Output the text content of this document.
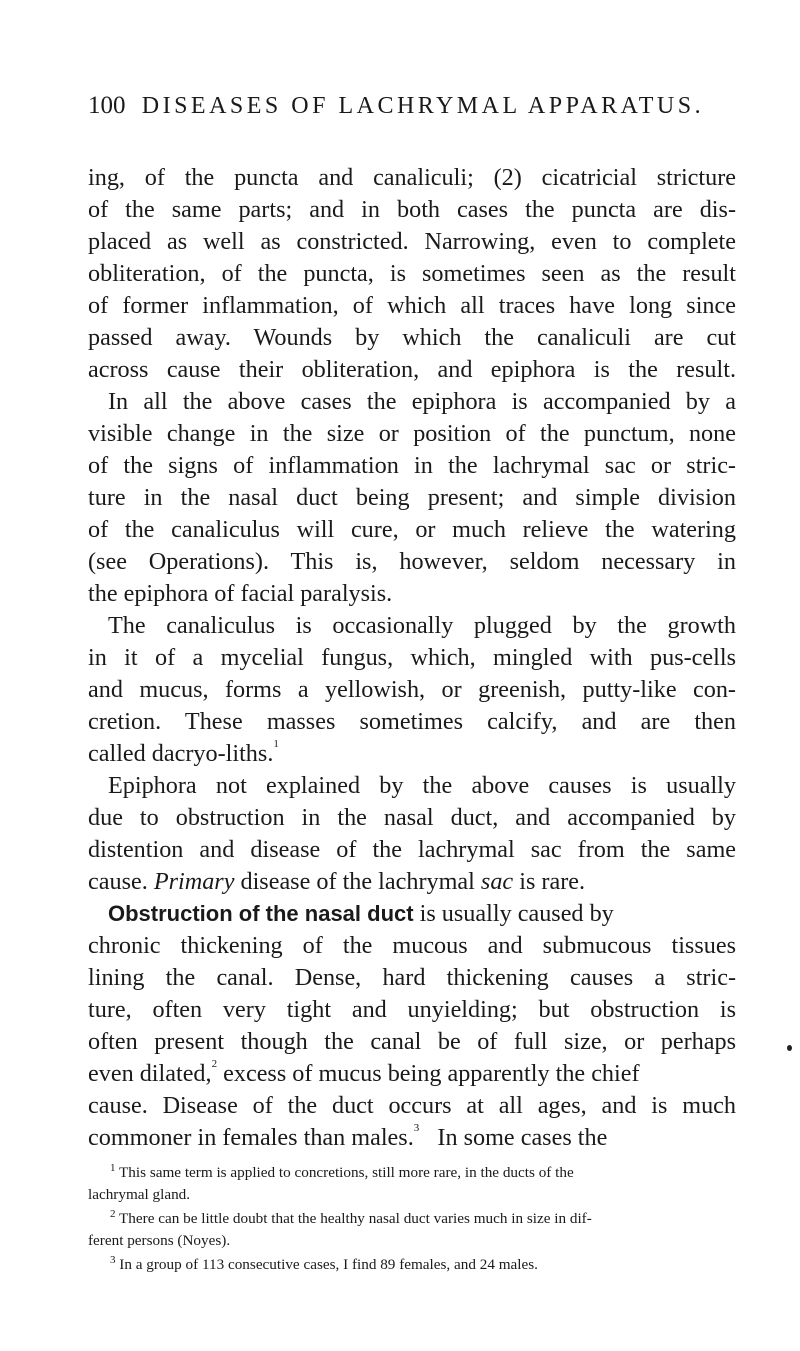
100 DISEASES OF LACHRYMAL APPARATUS.
ing, of the puncta and canaliculi; (2) cicatricial stricture
of the same parts; and in both cases the puncta are dis-
placed as well as constricted. Narrowing, even to complete
obliteration, of the puncta, is sometimes seen as the result
of former inflammation, of which all traces have long since
passed away. Wounds by which the canaliculi are cut
across cause their obliteration, and epiphora is the result.
In all the above cases the epiphora is accompanied by a
visible change in the size or position of the punctum, none
of the signs of inflammation in the lachrymal sac or stric-
ture in the nasal duct being present; and simple division
of the canaliculus will cure, or much relieve the watering
(see Operations). This is, however, seldom necessary in
the epiphora of facial paralysis.
The canaliculus is occasionally plugged by the growth
in it of a mycelial fungus, which, mingled with pus-cells
and mucus, forms a yellowish, or greenish, putty-like con-
cretion. These masses sometimes calcify, and are then
called dacryo-liths.$^1$
Epiphora not explained by the above causes is usually
due to obstruction in the nasal duct, and accompanied by
distention and disease of the lachrymal sac from the same
cause. Primary disease of the lachrymal sac is rare.
Obstruction of the nasal duct is usually caused by
chronic thickening of the mucous and submucous tissues
lining the canal. Dense, hard thickening causes a stric-
ture, often very tight and unyielding; but obstruction is
often present though the canal be of full size, or perhaps
even dilated,$^2$ excess of mucus being apparently the chief
cause. Disease of the duct occurs at all ages, and is much
commoner in females than males.$^3$ In some cases the
$^1$ This same term is applied to concretions, still more rare, in the ducts of the
lachrymal gland.
$^2$ There can be little doubt that the healthy nasal duct varies much in size in dif-
ferent persons (Noyes).
$^3$ In a group of 113 consecutive cases, I find 89 females, and 24 males.
